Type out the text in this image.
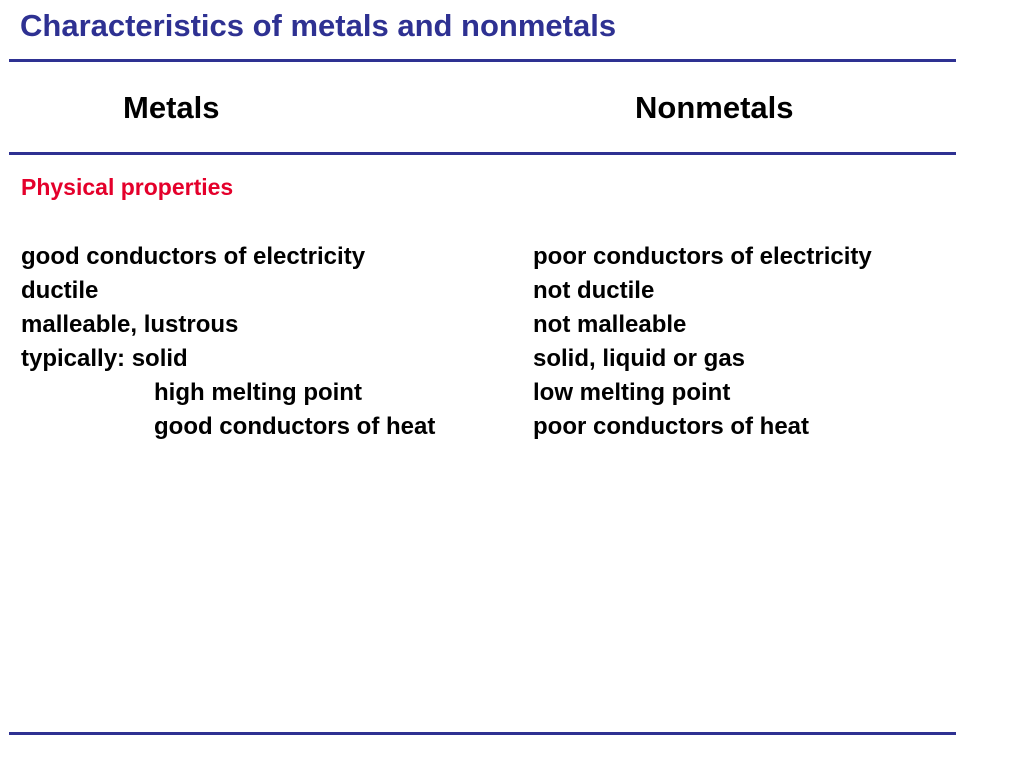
Characteristics of metals and nonmetals
Metals	Nonmetals
Physical properties
good conductors of electricity
ductile
malleable, lustrous
typically: solid
high melting point
good conductors of heat
poor conductors of electricity
not ductile
not malleable
solid, liquid or gas
low melting point
poor conductors of heat
